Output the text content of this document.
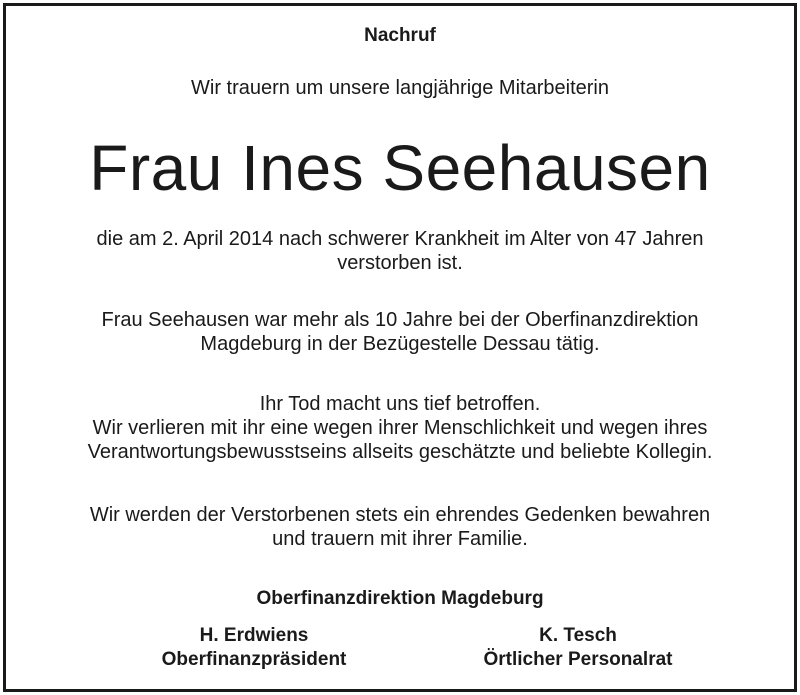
Nachruf
Wir trauern um unsere langjährige Mitarbeiterin
Frau Ines Seehausen
die am 2. April 2014 nach schwerer Krankheit im Alter von 47 Jahren
verstorben ist.
Frau Seehausen war mehr als 10 Jahre bei der Oberfinanzdirektion
Magdeburg in der Bezügestelle Dessau tätig.
Ihr Tod macht uns tief betroffen.
Wir verlieren mit ihr eine wegen ihrer Menschlichkeit und wegen ihres
Verantwortungsbewusstseins allseits geschätzte und beliebte Kollegin.
Wir werden der Verstorbenen stets ein ehrendes Gedenken bewahren
und trauern mit ihrer Familie.
Oberfinanzdirektion Magdeburg
H. Erdwiens
Oberfinanzpräsident
K. Tesch
Örtlicher Personalrat
